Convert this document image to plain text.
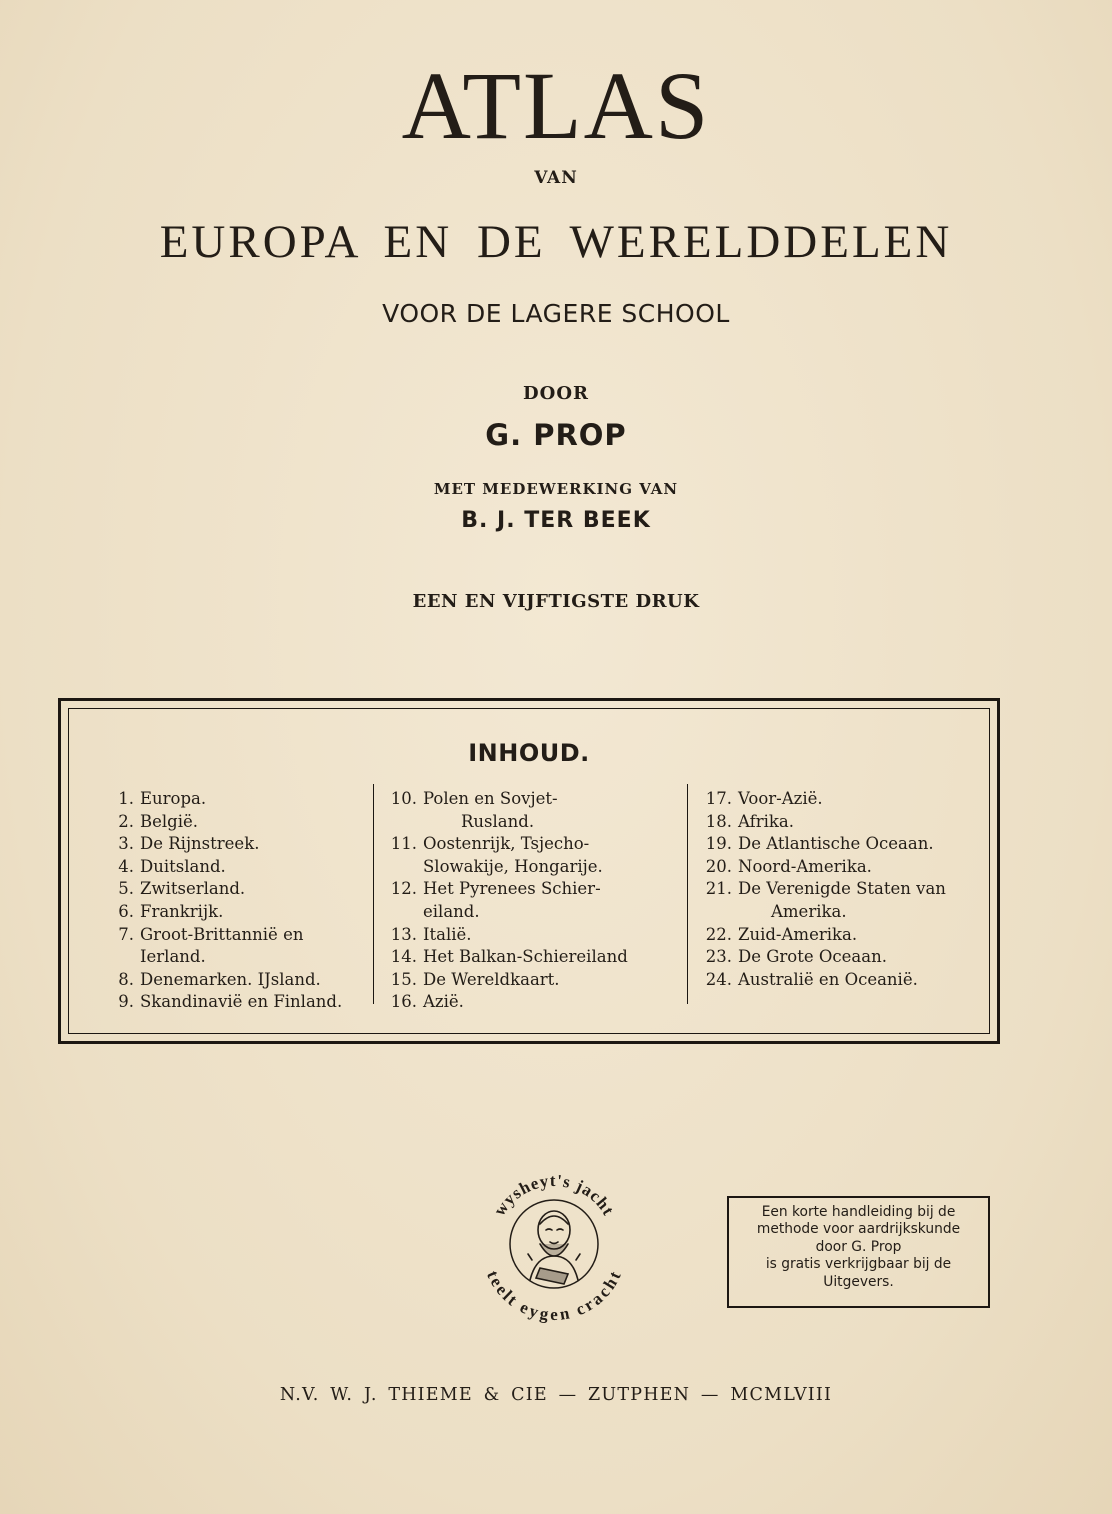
ATLAS
VAN
EUROPA EN DE WERELDDELEN
VOOR DE LAGERE SCHOOL
DOOR
G. PROP
MET MEDEWERKING VAN
B. J. TER BEEK
EEN EN VIJFTIGSTE DRUK
INHOUD.
1. Europa.
2. België.
3. De Rijnstreek.
4. Duitsland.
5. Zwitserland.
6. Frankrijk.
7. Groot-Brittannië en
Ierland.
8. Denemarken. IJsland.
9. Skandinavië en Finland.
10. Polen en Sovjet-
Rusland.
11. Oostenrijk, Tsjecho-
Slowakije, Hongarije.
12. Het Pyrenees Schier-
eiland.
13. Italië.
14. Het Balkan-Schiereiland
15. De Wereldkaart.
16. Azië.
17. Voor-Azië.
18. Afrika.
19. De Atlantische Oceaan.
20. Noord-Amerika.
21. De Verenigde Staten van
Amerika.
22. Zuid-Amerika.
23. De Grote Oceaan.
24. Australië en Oceanië.
wysheyt's jacht
teelt eygen cracht
Een korte handleiding bij de
methode voor aardrijkskunde
door G. Prop
is gratis verkrijgbaar bij de
Uitgevers.
N.V. W. J. THIEME & CIE — ZUTPHEN — MCMLVIII
